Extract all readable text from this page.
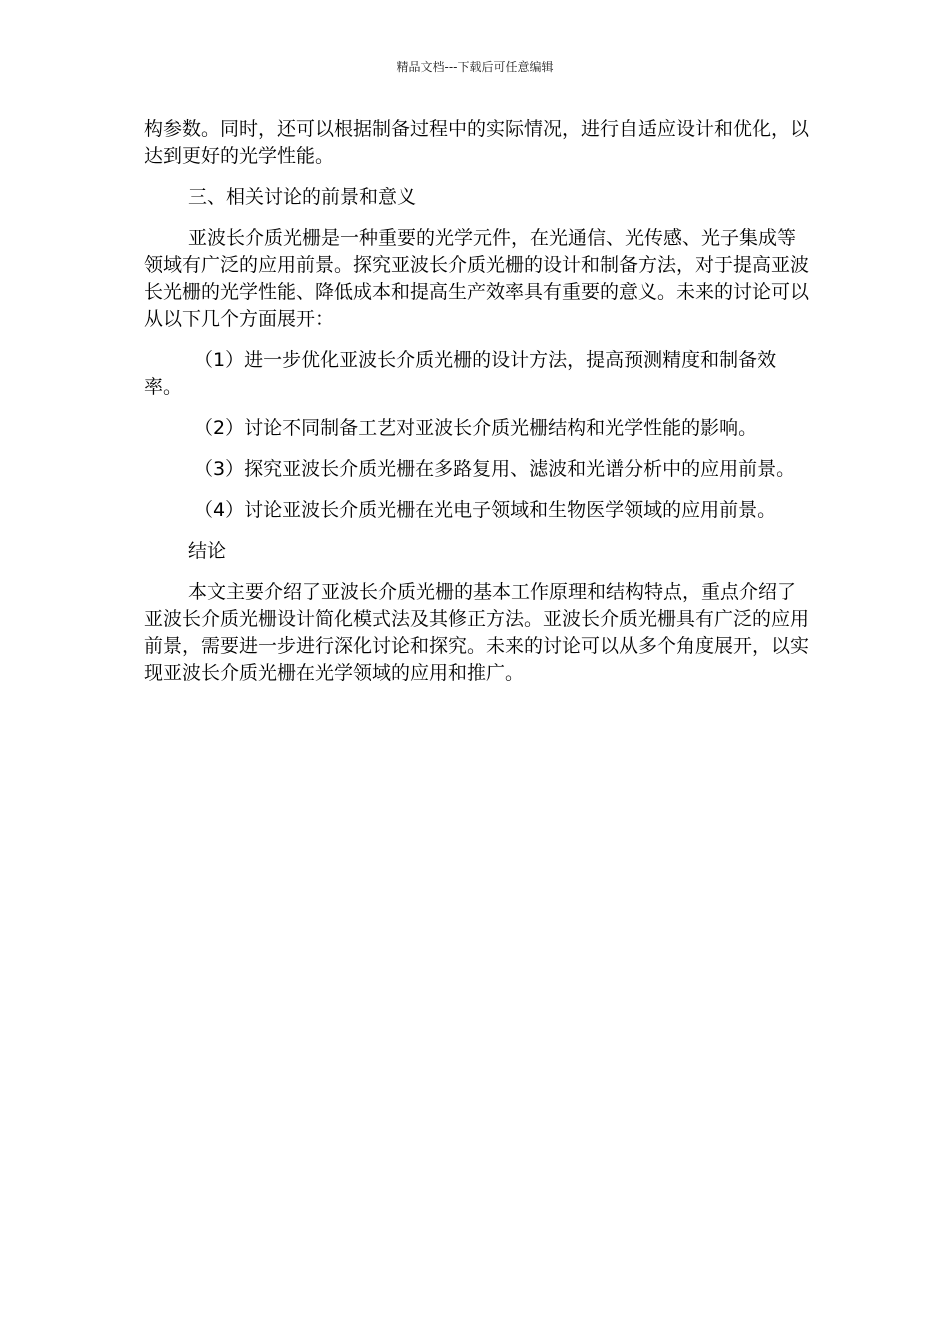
精品文档---下载后可任意编辑

构参数。同时，还可以根据制备过程中的实际情况，进行自适应设计和优化，以达到更好的光学性能。

三、相关讨论的前景和意义

亚波长介质光栅是一种重要的光学元件，在光通信、光传感、光子集成等领域有广泛的应用前景。探究亚波长介质光栅的设计和制备方法，对于提高亚波长光栅的光学性能、降低成本和提高生产效率具有重要的意义。未来的讨论可以从以下几个方面展开：

（1）进一步优化亚波长介质光栅的设计方法，提高预测精度和制备效率。

（2）讨论不同制备工艺对亚波长介质光栅结构和光学性能的影响。

（3）探究亚波长介质光栅在多路复用、滤波和光谱分析中的应用前景。

（4）讨论亚波长介质光栅在光电子领域和生物医学领域的应用前景。

结论

本文主要介绍了亚波长介质光栅的基本工作原理和结构特点，重点介绍了亚波长介质光栅设计简化模式法及其修正方法。亚波长介质光栅具有广泛的应用前景，需要进一步进行深化讨论和探究。未来的讨论可以从多个角度展开，以实现亚波长介质光栅在光学领域的应用和推广。
